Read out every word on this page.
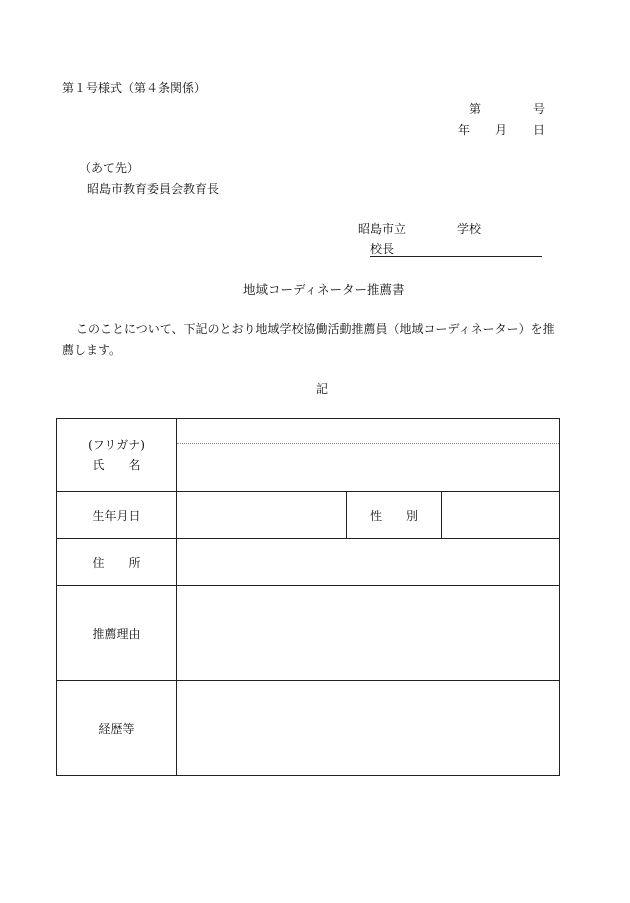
第１号様式（第４条関係）
第	号
年 月 日
（あて先）
昭島市教育委員会教育長
昭島市立	学校
校長
地域コーディネーター推薦書
このことについて、下記のとおり地域学校協働活動推薦員（地域コーディネーター）を推
薦します。
記
(フリガナ)
氏　　名			

生年月日		性　　別	
住　　所			
推薦理由			
経歴等			
